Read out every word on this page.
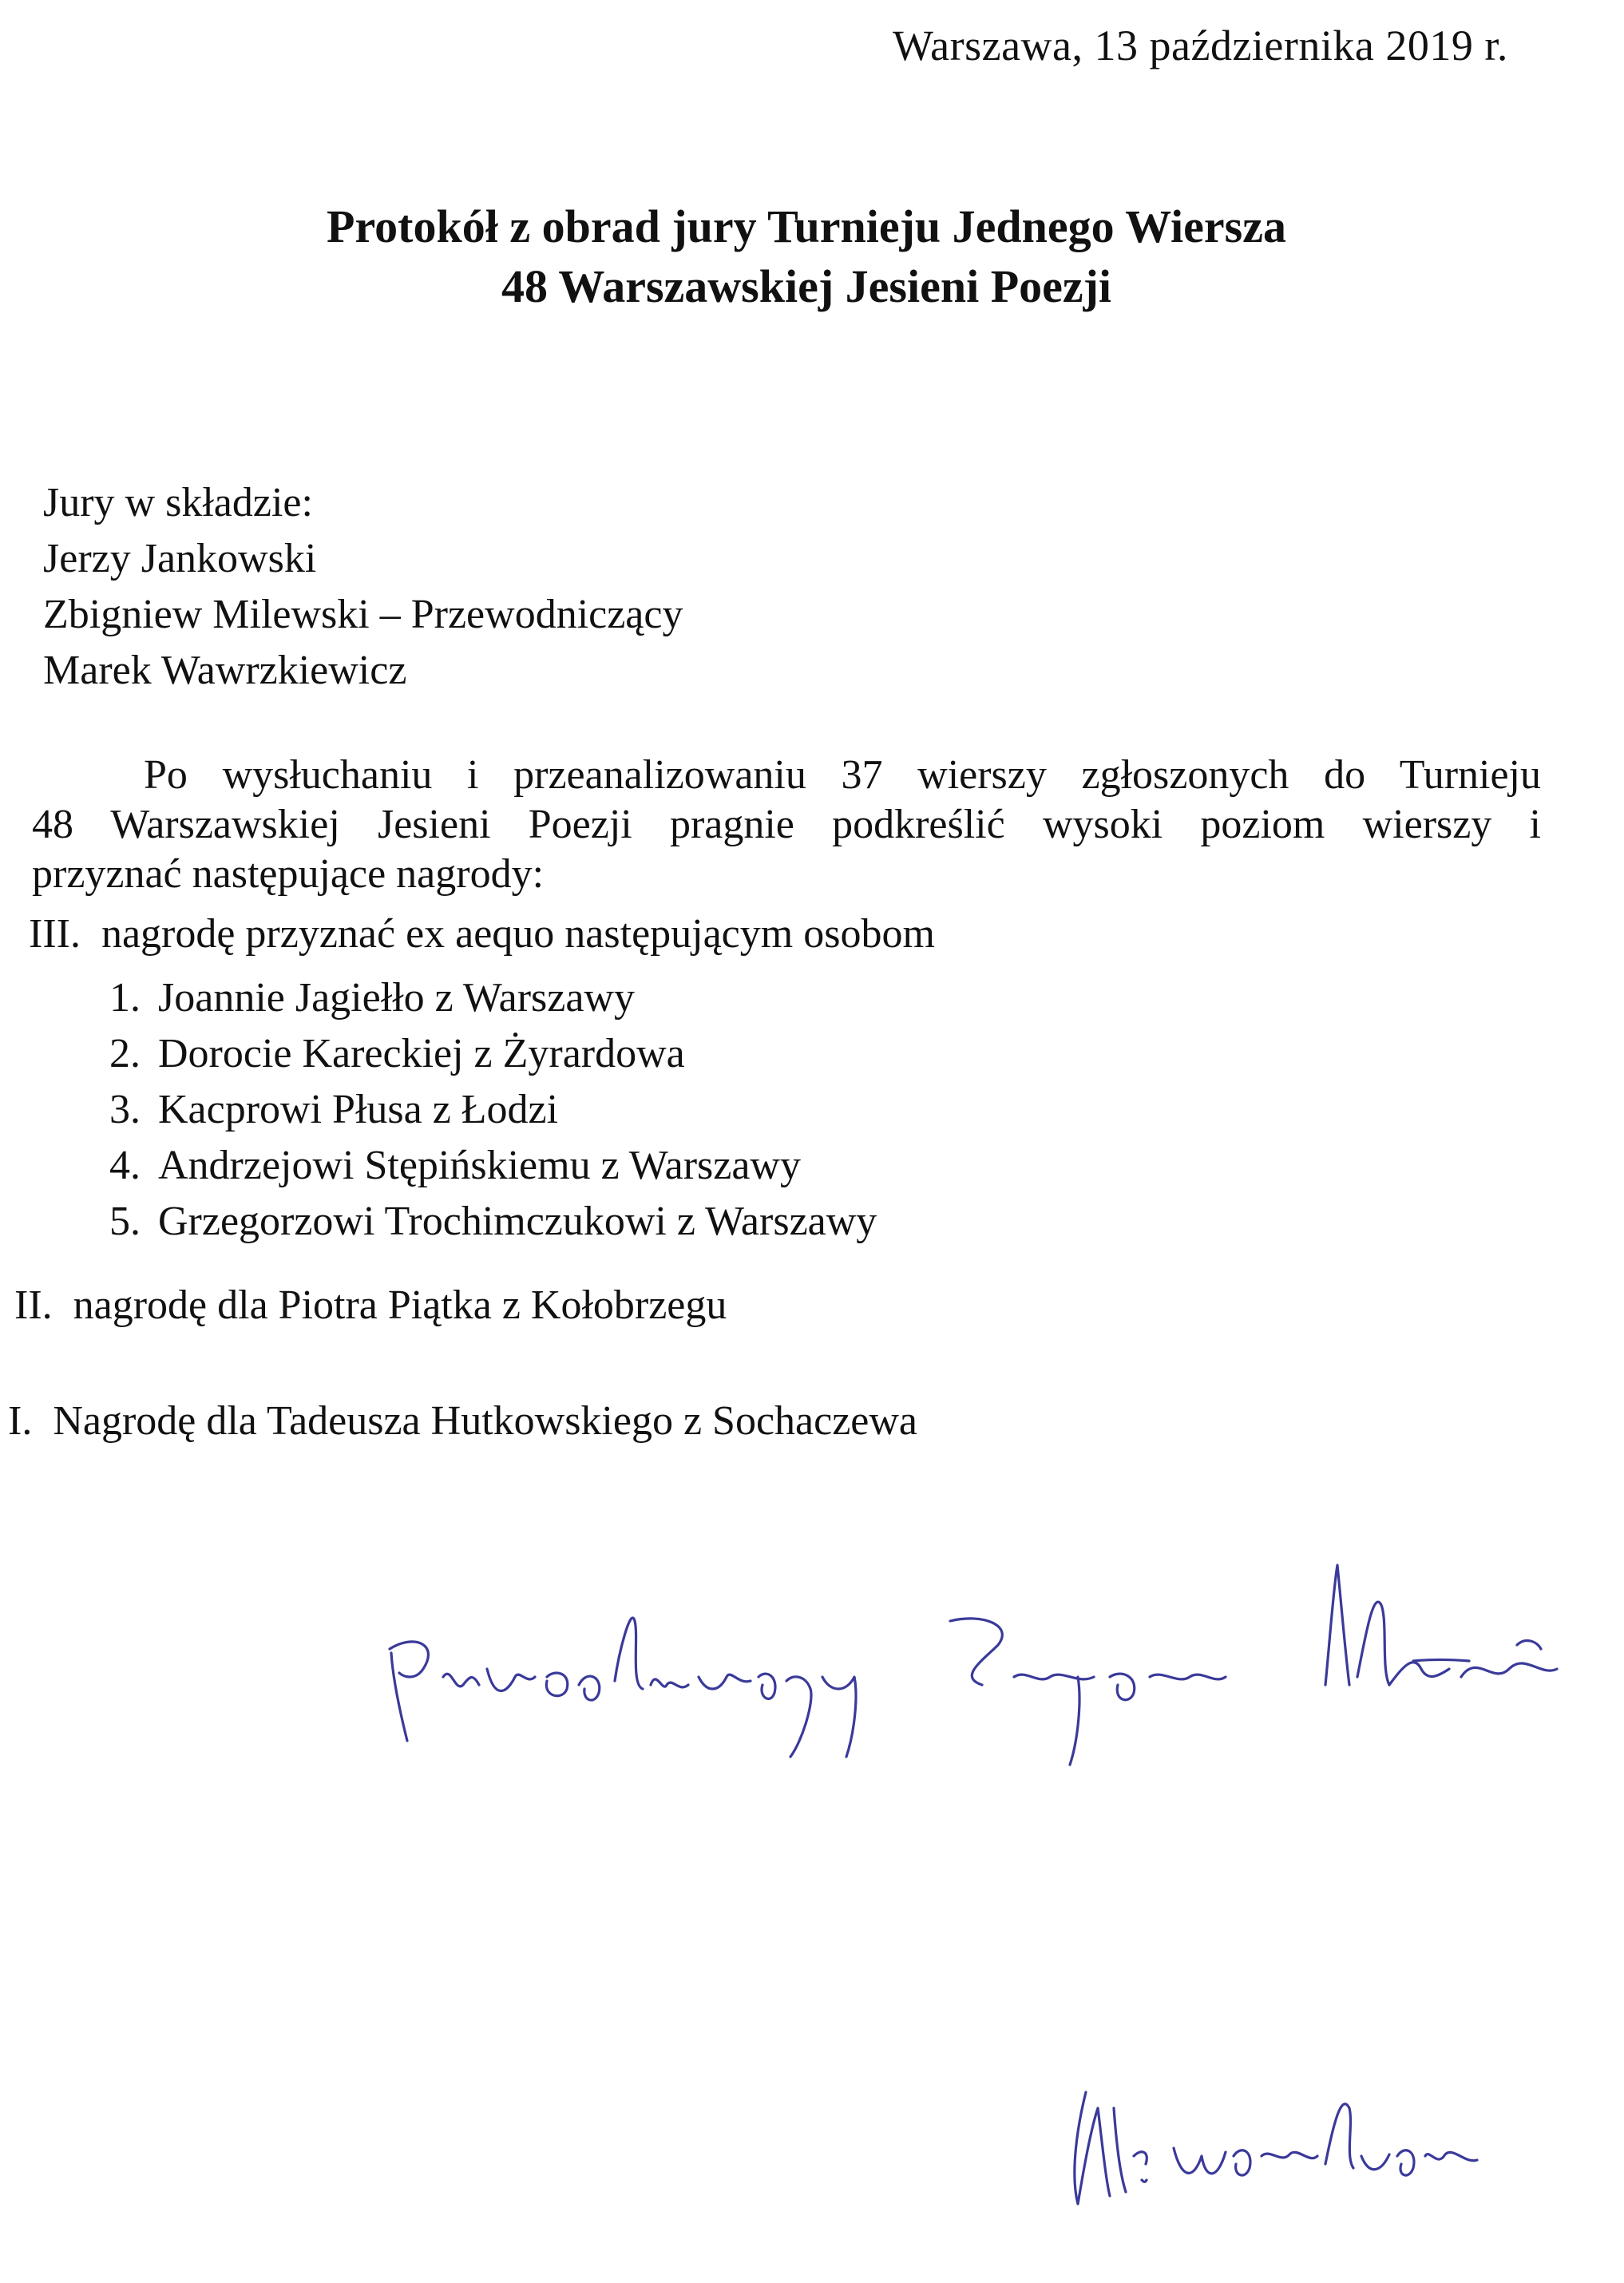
Warszawa, 13 października 2019 r.
Protokół z obrad jury Turnieju Jednego Wiersza
48 Warszawskiej Jesieni Poezji
Jury w składzie:
Jerzy Jankowski
Zbigniew Milewski – Przewodniczący
Marek Wawrzkiewicz
Po wysłuchaniu i przeanalizowaniu 37 wierszy zgłoszonych do Turnieju
48 Warszawskiej Jesieni Poezji pragnie podkreślić wysoki poziom wierszy i
przyznać następujące nagrody:
III. nagrodę przyznać ex aequo następującym osobom
1. Joannie Jagiełło z Warszawy
2. Dorocie Kareckiej z Żyrardowa
3. Kacprowi Płusa z Łodzi
4. Andrzejowi Stępińskiemu z Warszawy
5. Grzegorzowi Trochimczukowi z Warszawy
II. nagrodę dla Piotra Piątka z Kołobrzegu
I. Nagrodę dla Tadeusza Hutkowskiego z Sochaczewa
